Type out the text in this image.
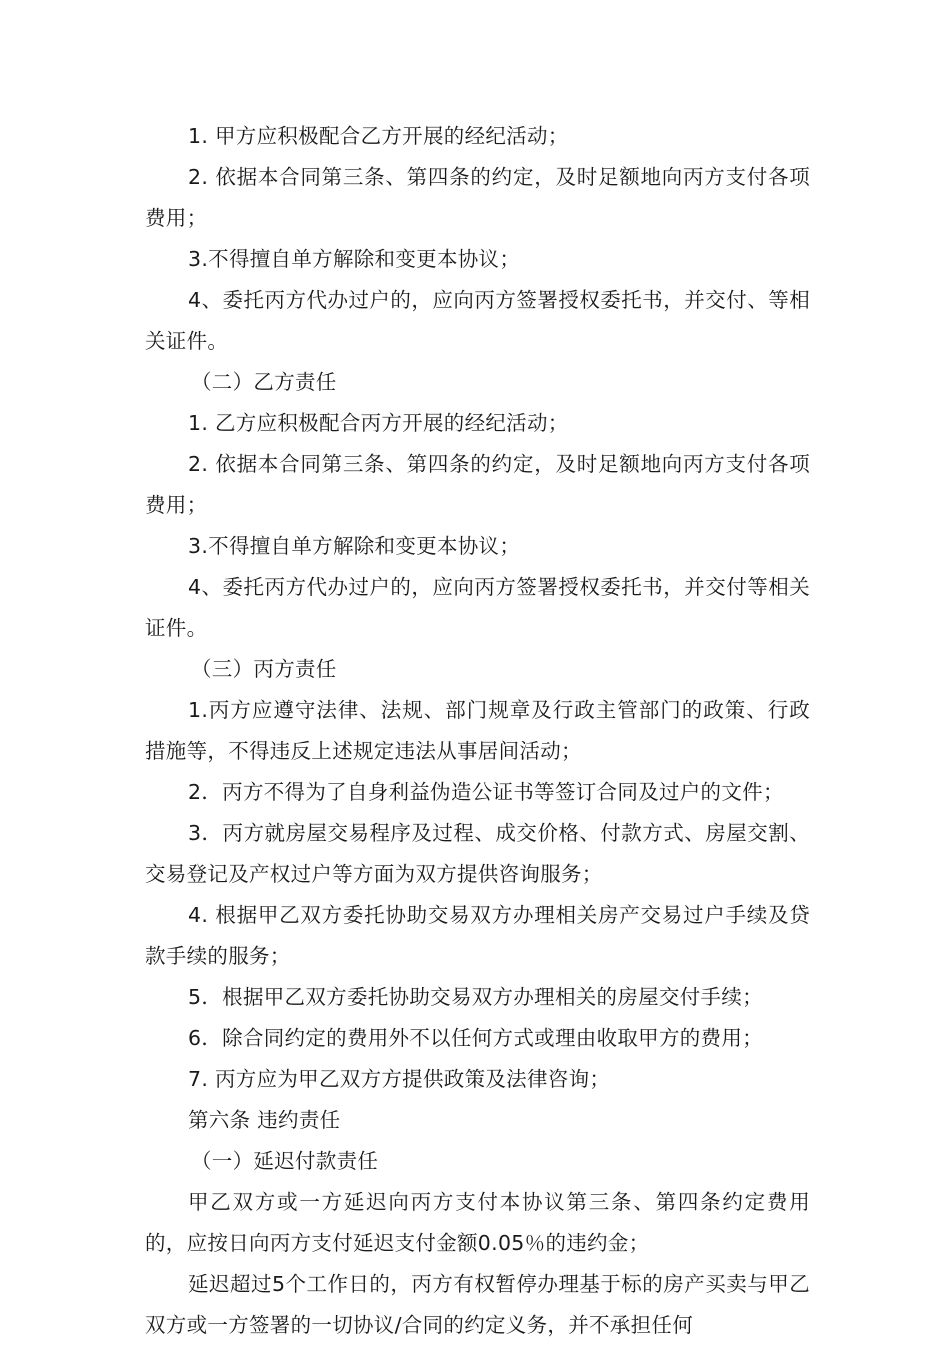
1. 甲方应积极配合乙方开展的经纪活动；

2. 依据本合同第三条、第四条的约定，及时足额地向丙方支付各项费用；

3.不得擅自单方解除和变更本协议；

4、委托丙方代办过户的，应向丙方签署授权委托书，并交付、等相关证件。

（二）乙方责任

1. 乙方应积极配合丙方开展的经纪活动；

2. 依据本合同第三条、第四条的约定，及时足额地向丙方支付各项费用；

3.不得擅自单方解除和变更本协议；

4、委托丙方代办过户的，应向丙方签署授权委托书，并交付等相关证件。

（三）丙方责任

1.丙方应遵守法律、法规、部门规章及行政主管部门的政策、行政措施等，不得违反上述规定违法从事居间活动；

2．丙方不得为了自身利益伪造公证书等签订合同及过户的文件；

3．丙方就房屋交易程序及过程、成交价格、付款方式、房屋交割、交易登记及产权过户等方面为双方提供咨询服务；

4. 根据甲乙双方委托协助交易双方办理相关房产交易过户手续及贷款手续的服务；

5．根据甲乙双方委托协助交易双方办理相关的房屋交付手续；

6．除合同约定的费用外不以任何方式或理由收取甲方的费用；

7. 丙方应为甲乙双方方提供政策及法律咨询；

第六条 违约责任

（一）延迟付款责任

甲乙双方或一方延迟向丙方支付本协议第三条、第四条约定费用的，应按日向丙方支付延迟支付金额0.05％的违约金；

延迟超过5个工作日的，丙方有权暂停办理基于标的房产买卖与甲乙双方或一方签署的一切协议/合同的约定义务，并不承担任何
